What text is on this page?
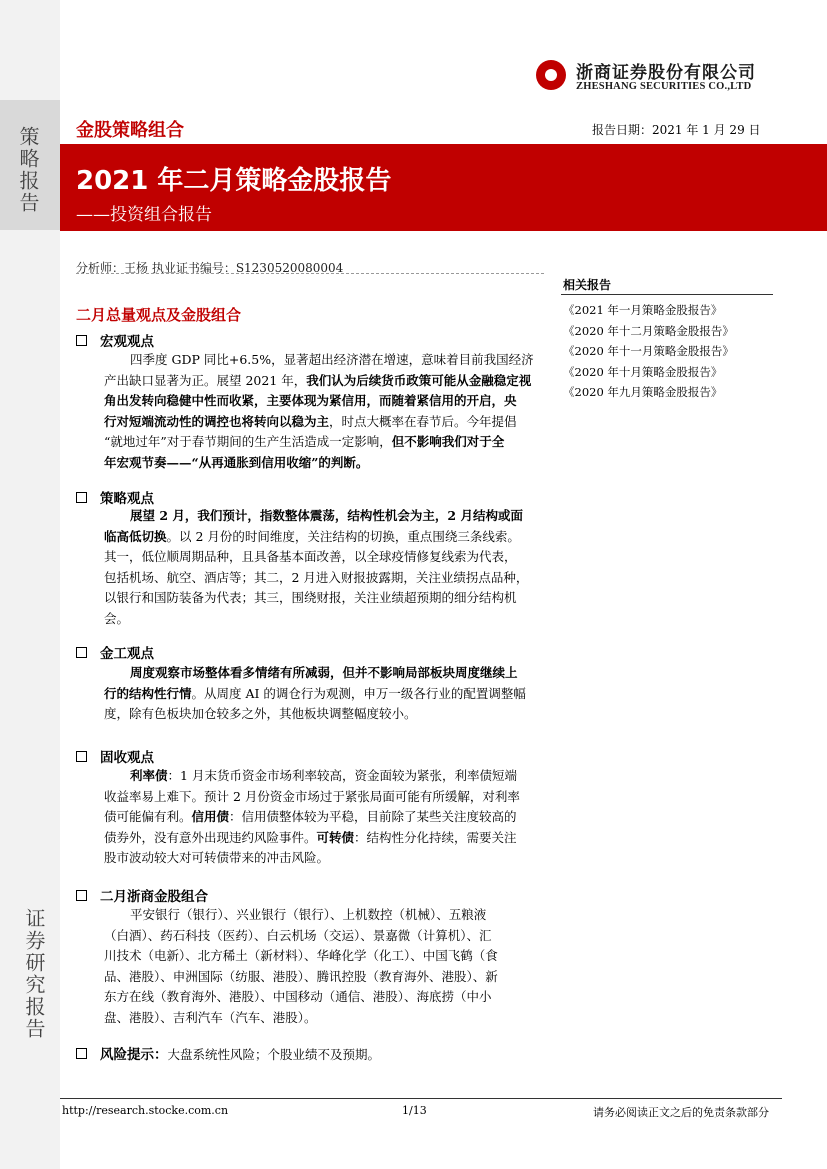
策略报告
证券研究报告
浙商证券股份有限公司
ZHESHANG SECURITIES CO.,LTD
金股策略组合	报告日期：2021 年 1 月 29 日
2021 年二月策略金股报告
——投资组合报告
分析师：王杨 执业证书编号：S1230520080004
相关报告
《2021 年一月策略金股报告》
《2020 年十二月策略金股报告》
《2020 年十一月策略金股报告》
《2020 年十月策略金股报告》
《2020 年九月策略金股报告》
二月总量观点及金股组合
宏观观点
四季度 GDP 同比+6.5%，显著超出经济潜在增速，意味着目前我国经济
产出缺口显著为正。展望 2021 年，我们认为后续货币政策可能从金融稳定视
角出发转向稳健中性而收紧，主要体现为紧信用，而随着紧信用的开启，央
行对短端流动性的调控也将转向以稳为主，时点大概率在春节后。今年提倡
“就地过年”对于春节期间的生产生活造成一定影响，但不影响我们对于全
年宏观节奏——“从再通胀到信用收缩”的判断。
策略观点
展望 2 月，我们预计，指数整体震荡，结构性机会为主，2 月结构或面
临高低切换。以 2 月份的时间维度，关注结构的切换，重点围绕三条线索。
其一，低位顺周期品种，且具备基本面改善，以全球疫情修复线索为代表，
包括机场、航空、酒店等；其二，2 月进入财报披露期，关注业绩拐点品种，
以银行和国防装备为代表；其三，围绕财报，关注业绩超预期的细分结构机
会。
金工观点
周度观察市场整体看多情绪有所减弱，但并不影响局部板块周度继续上
行的结构性行情。从周度 AI 的调仓行为观测，申万一级各行业的配置调整幅
度，除有色板块加仓较多之外，其他板块调整幅度较小。
固收观点
利率债：1 月末货币资金市场利率较高，资金面较为紧张，利率债短端
收益率易上难下。预计 2 月份资金市场过于紧张局面可能有所缓解，对利率
债可能偏有利。信用债：信用债整体较为平稳，目前除了某些关注度较高的
债券外，没有意外出现违约风险事件。可转债：结构性分化持续，需要关注
股市波动较大对可转债带来的冲击风险。
二月浙商金股组合
平安银行（银行）、兴业银行（银行）、上机数控（机械）、五粮液
（白酒）、药石科技（医药）、白云机场（交运）、景嘉微（计算机）、汇
川技术（电新）、北方稀土（新材料）、华峰化学（化工）、中国飞鹤（食
品、港股）、申洲国际（纺服、港股）、腾讯控股（教育海外、港股）、新
东方在线（教育海外、港股）、中国移动（通信、港股）、海底捞（中小
盘、港股）、吉利汽车（汽车、港股）。
风险提示：大盘系统性风险；个股业绩不及预期。
http://research.stocke.com.cn	1/13	请务必阅读正文之后的免责条款部分
